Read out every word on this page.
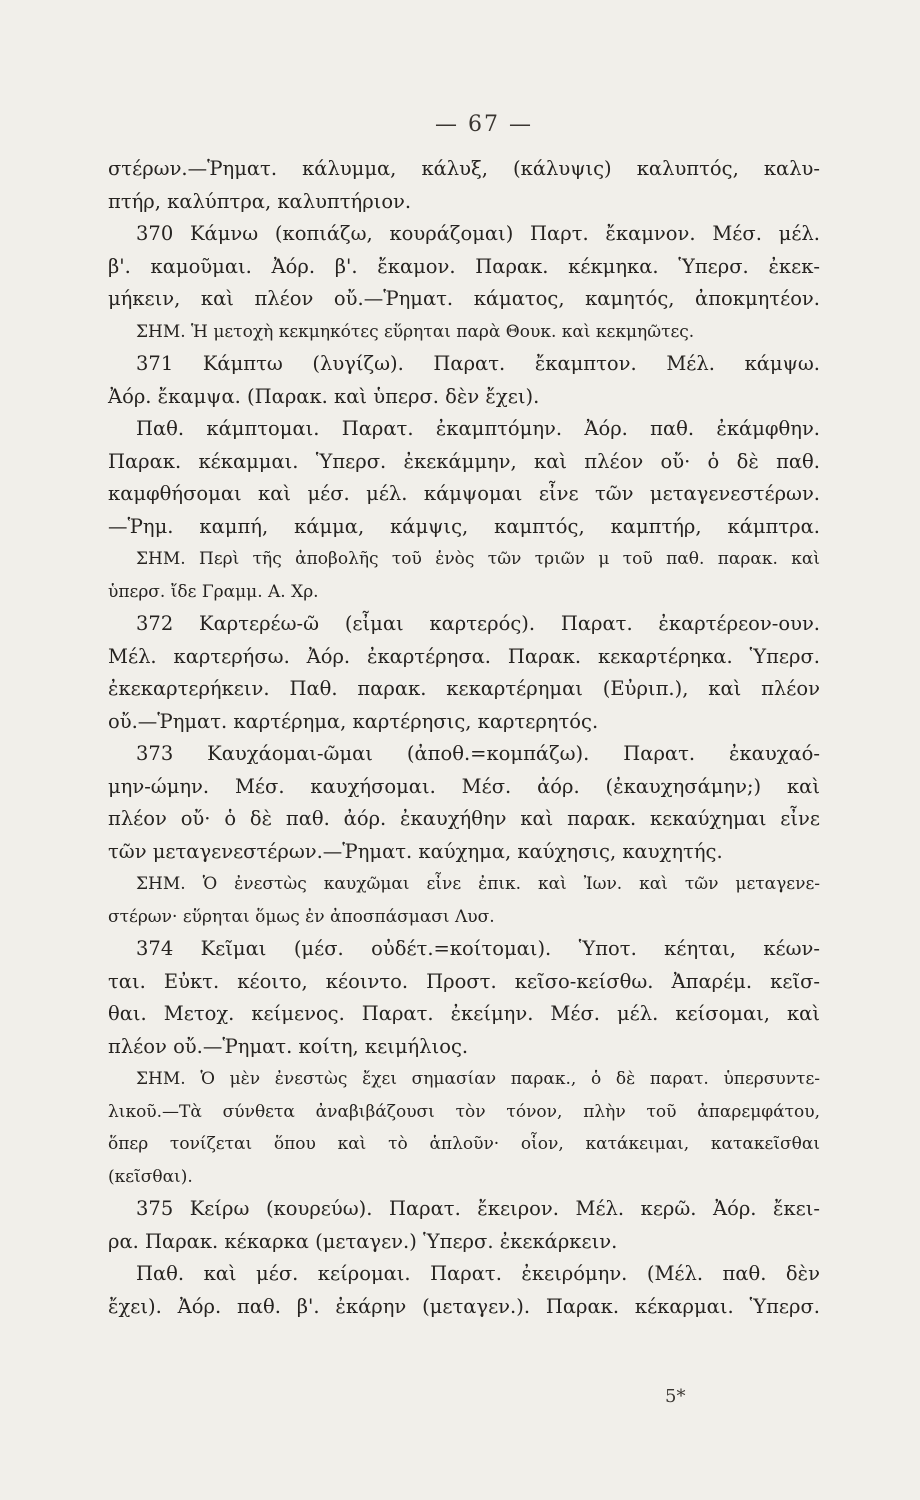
— 67 —
στέρων.—Ῥηματ. κάλυμμα, κάλυξ, (κάλυψις) καλυπτός, καλυ-
πτήρ, καλύπτρα, καλυπτήριον.
370 Κάμνω (κοπιάζω, κουράζομαι) Παρτ. ἔκαμνον. Μέσ. μέλ.
β'. καμοῦμαι. Ἀόρ. β'. ἔκαμον. Παρακ. κέκμηκα. Ὑπερσ. ἐκεκ-
μήκειν, καὶ πλέον οὔ.—Ῥηματ. κάματος, καμητός, ἀποκμητέον.
ΣΗΜ. Ἡ μετοχὴ κεκμηκότες εὕρηται παρὰ Θουκ. καὶ κεκμηῶτες.
371 Κάμπτω (λυγίζω). Παρατ. ἔκαμπτον. Μέλ. κάμψω.
Ἀόρ. ἔκαμψα. (Παρακ. καὶ ὑπερσ. δὲν ἔχει).
Παθ. κάμπτομαι. Παρατ. ἐκαμπτόμην. Ἀόρ. παθ. ἐκάμφθην.
Παρακ. κέκαμμαι. Ὑπερσ. ἐκεκάμμην, καὶ πλέον οὔ· ὁ δὲ παθ.
καμφθήσομαι καὶ μέσ. μέλ. κάμψομαι εἶνε τῶν μεταγενεστέρων.
—Ῥημ. καμπή, κάμμα, κάμψις, καμπτός, καμπτήρ, κάμπτρα.
ΣΗΜ. Περὶ τῆς ἀποβολῆς τοῦ ἑνὸς τῶν τριῶν μ τοῦ παθ. παρακ. καὶ
ὑπερσ. ἴδε Γραμμ. Α. Χρ.
372 Καρτερέω-ῶ (εἶμαι καρτερός). Παρατ. ἐκαρτέρεον-ουν.
Μέλ. καρτερήσω. Ἀόρ. ἐκαρτέρησα. Παρακ. κεκαρτέρηκα. Ὑπερσ.
ἐκεκαρτερήκειν. Παθ. παρακ. κεκαρτέρημαι (Εὐριπ.), καὶ πλέον
οὔ.—Ῥηματ. καρτέρημα, καρτέρησις, καρτερητός.
373 Καυχάομαι-ῶμαι (ἀποθ.=κομπάζω). Παρατ. ἐκαυχαό-
μην-ώμην. Μέσ. καυχήσομαι. Μέσ. ἀόρ. (ἐκαυχησάμην;) καὶ
πλέον οὔ· ὁ δὲ παθ. ἀόρ. ἐκαυχήθην καὶ παρακ. κεκαύχημαι εἶνε
τῶν μεταγενεστέρων.—Ῥηματ. καύχημα, καύχησις, καυχητής.
ΣΗΜ. Ὁ ἐνεστὼς καυχῶμαι εἶνε ἐπικ. καὶ Ἰων. καὶ τῶν μεταγενε-
στέρων· εὕρηται ὅμως ἐν ἀποσπάσμασι Λυσ.
374 Κεῖμαι (μέσ. οὐδέτ.=κοίτομαι). Ὑποτ. κέηται, κέων-
ται. Εὐκτ. κέοιτο, κέοιντο. Προστ. κεῖσο-κείσθω. Ἀπαρέμ. κεῖσ-
θαι. Μετοχ. κείμενος. Παρατ. ἐκείμην. Μέσ. μέλ. κείσομαι, καὶ
πλέον οὔ.—Ῥηματ. κοίτη, κειμήλιος.
ΣΗΜ. Ὁ μὲν ἐνεστὼς ἔχει σημασίαν παρακ., ὁ δὲ παρατ. ὑπερσυντε-
λικοῦ.—Τὰ σύνθετα ἀναβιβάζουσι τὸν τόνον, πλὴν τοῦ ἀπαρεμφάτου,
ὅπερ τονίζεται ὅπου καὶ τὸ ἁπλοῦν· οἷον, κατάκειμαι, κατακεῖσθαι
(κεῖσθαι).
375 Κείρω (κουρεύω). Παρατ. ἔκειρον. Μέλ. κερῶ. Ἀόρ. ἔκει-
ρα. Παρακ. κέκαρκα (μεταγεν.) Ὑπερσ. ἐκεκάρκειν.
Παθ. καὶ μέσ. κείρομαι. Παρατ. ἐκειρόμην. (Μέλ. παθ. δὲν
ἔχει). Ἀόρ. παθ. β'. ἐκάρην (μεταγεν.). Παρακ. κέκαρμαι. Ὑπερσ.
5*
